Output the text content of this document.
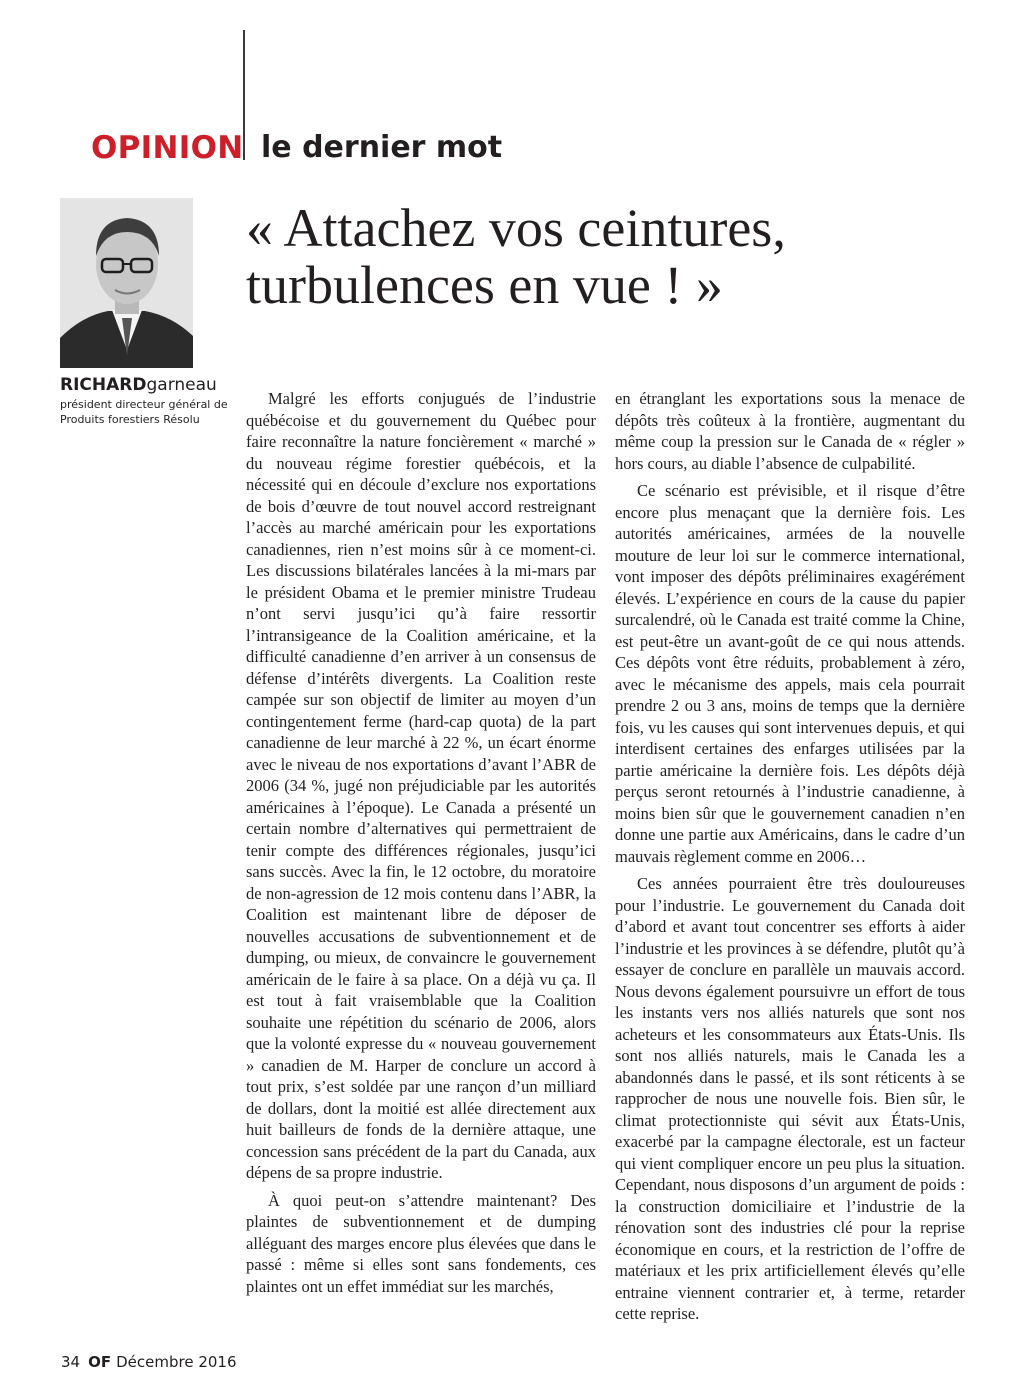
OPINION le dernier mot
« Attachez vos ceintures,
turbulences en vue ! »
RICHARDgarneau
président directeur général de Produits forestiers Résolu

Malgré les efforts conjugués de l’industrie québécoise et du gouvernement du Québec pour faire reconnaître la nature foncièrement « marché » du nouveau régime forestier québécois, et la nécessité qui en découle d’exclure nos exportations de bois d’œuvre de tout nouvel accord restreignant l’accès au marché américain pour les exportations canadiennes, rien n’est moins sûr à ce moment-ci. Les discussions bilatérales lancées à la mi-mars par le président Obama et le premier ministre Trudeau n’ont servi jusqu’ici qu’à faire ressortir l’intransigeance de la Coalition américaine, et la difficulté canadienne d’en arriver à un consensus de défense d’intérêts divergents. La Coalition reste campée sur son objectif de limiter au moyen d’un contingentement ferme (hard-cap quota) de la part canadienne de leur marché à 22 %, un écart énorme avec le niveau de nos exportations d’avant l’ABR de 2006 (34 %, jugé non préjudiciable par les autorités américaines à l’époque). Le Canada a présenté un certain nombre d’alternatives qui permettraient de tenir compte des différences régionales, jusqu’ici sans succès. Avec la fin, le 12 octobre, du moratoire de non-agression de 12 mois contenu dans l’ABR, la Coalition est maintenant libre de déposer de nouvelles accusations de subventionnement et de dumping, ou mieux, de convaincre le gouvernement américain de le faire à sa place. On a déjà vu ça. Il est tout à fait vraisemblable que la Coalition souhaite une répétition du scénario de 2006, alors que la volonté expresse du « nouveau gouvernement » canadien de M. Harper de conclure un accord à tout prix, s’est soldée par une rançon d’un milliard de dollars, dont la moitié est allée directement aux huit bailleurs de fonds de la dernière attaque, une concession sans précédent de la part du Canada, aux dépens de sa propre industrie.

À quoi peut-on s’attendre maintenant? Des plaintes de subventionnement et de dumping alléguant des marges encore plus élevées que dans le passé : même si elles sont sans fondements, ces plaintes ont un effet immédiat sur les marchés,

en étranglant les exportations sous la menace de dépôts très coûteux à la frontière, augmentant du même coup la pression sur le Canada de « régler » hors cours, au diable l’absence de culpabilité.

Ce scénario est prévisible, et il risque d’être encore plus menaçant que la dernière fois. Les autorités américaines, armées de la nouvelle mouture de leur loi sur le commerce international, vont imposer des dépôts préliminaires exagérément élevés. L’expérience en cours de la cause du papier surcalendré, où le Canada est traité comme la Chine, est peut-être un avant-goût de ce qui nous attends. Ces dépôts vont être réduits, probablement à zéro, avec le mécanisme des appels, mais cela pourrait prendre 2 ou 3 ans, moins de temps que la dernière fois, vu les causes qui sont intervenues depuis, et qui interdisent certaines des enfarges utilisées par la partie américaine la dernière fois. Les dépôts déjà perçus seront retournés à l’industrie canadienne, à moins bien sûr que le gouvernement canadien n’en donne une partie aux Américains, dans le cadre d’un mauvais règlement comme en 2006…

Ces années pourraient être très douloureuses pour l’industrie. Le gouvernement du Canada doit d’abord et avant tout concentrer ses efforts à aider l’industrie et les provinces à se défendre, plutôt qu’à essayer de conclure en parallèle un mauvais accord. Nous devons également poursuivre un effort de tous les instants vers nos alliés naturels que sont nos acheteurs et les consommateurs aux États-Unis. Ils sont nos alliés naturels, mais le Canada les a abandonnés dans le passé, et ils sont réticents à se rapprocher de nous une nouvelle fois. Bien sûr, le climat protectionniste qui sévit aux États-Unis, exacerbé par la campagne électorale, est un facteur qui vient compliquer encore un peu plus la situation. Cependant, nous disposons d’un argument de poids : la construction domiciliaire et l’industrie de la rénovation sont des industries clé pour la reprise économique en cours, et la restriction de l’offre de matériaux et les prix artificiellement élevés qu’elle entraine viennent contrarier et, à terme, retarder cette reprise.

34 OF Décembre 2016
